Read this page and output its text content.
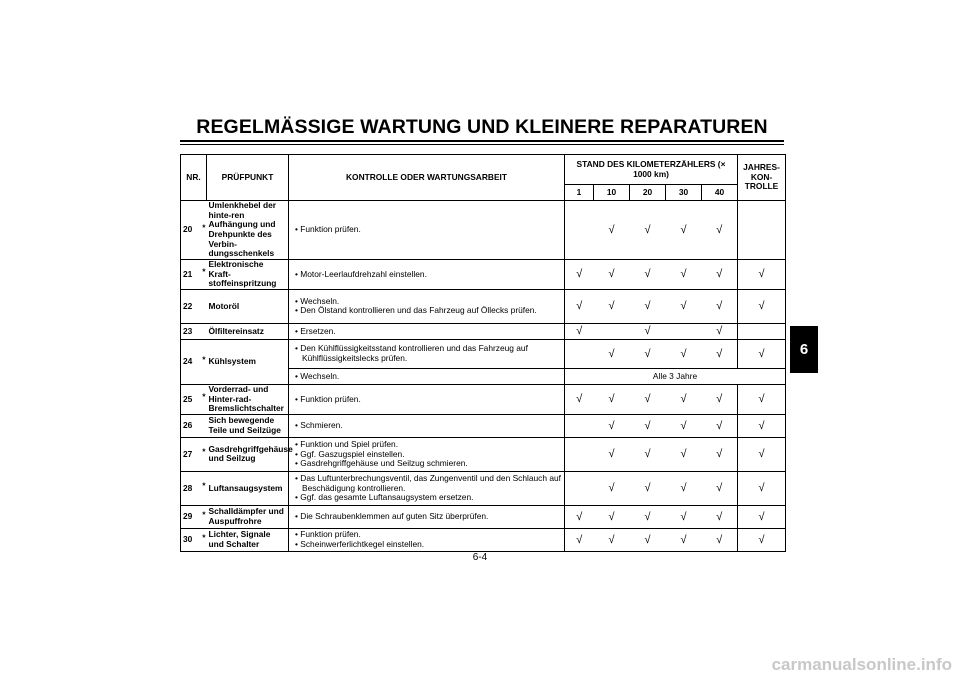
REGELMÄSSIGE WARTUNG UND KLEINERE REPARATUREN
NR.	PRÜFPUNKT	KONTROLLE ODER WARTUNGSARBEIT	STAND DES KILOMETERZÄHLERS (× 1000 km)					JAHRES-KON-TROLLE
			1	10	20	30	40	
20 *	Umlenkhebel der hinte-ren Aufhängung und Drehpunkte des Verbin-dungsschenkels	• Funktion prüfen.		√	√	√	√	
21 *	Elektronische Kraft-stoffeinspritzung	• Motor-Leerlaufdrehzahl einstellen.	√	√	√	√	√	√
22	Motoröl	• Wechseln.
• Den Ölstand kontrollieren und das Fahrzeug auf Öllecks prüfen.	√	√	√	√	√	√
23	Ölfiltereinsatz	• Ersetzen.	√		√		√	
24 *	Kühlsystem	• Den Kühlflüssigkeitsstand kontrollieren und das Fahrzeug auf Kühlflüssigkeitslecks prüfen.		√	√	√	√	√

		• Wechseln.	Alle 3 Jahre					
25 *	Vorderrad- und Hinter-rad-Bremslichtschalter	• Funktion prüfen.	√	√	√	√	√	√
26	Sich bewegende Teile und Seilzüge	• Schmieren.		√	√	√	√	√
27 *	Gasdrehgriffgehäuse und Seilzug	• Funktion und Spiel prüfen.
• Ggf. Gaszugspiel einstellen.
• Gasdrehgriffgehäuse und Seilzug schmieren.		√	√	√	√	√
28 *	Luftansaugsystem	• Das Luftunterbrechungsventil, das Zungenventil und den Schlauch auf Beschädigung kontrollieren.
• Ggf. das gesamte Luftansaugsystem ersetzen.		√	√	√	√	√
29 *	Schalldämpfer und Auspuffrohre	• Die Schraubenklemmen auf guten Sitz überprüfen.	√	√	√	√	√	√
30 *	Lichter, Signale und Schalter	• Funktion prüfen.
• Scheinwerferlichtkegel einstellen.	√	√	√	√	√	√
6
6-4
carmanualsonline.info
